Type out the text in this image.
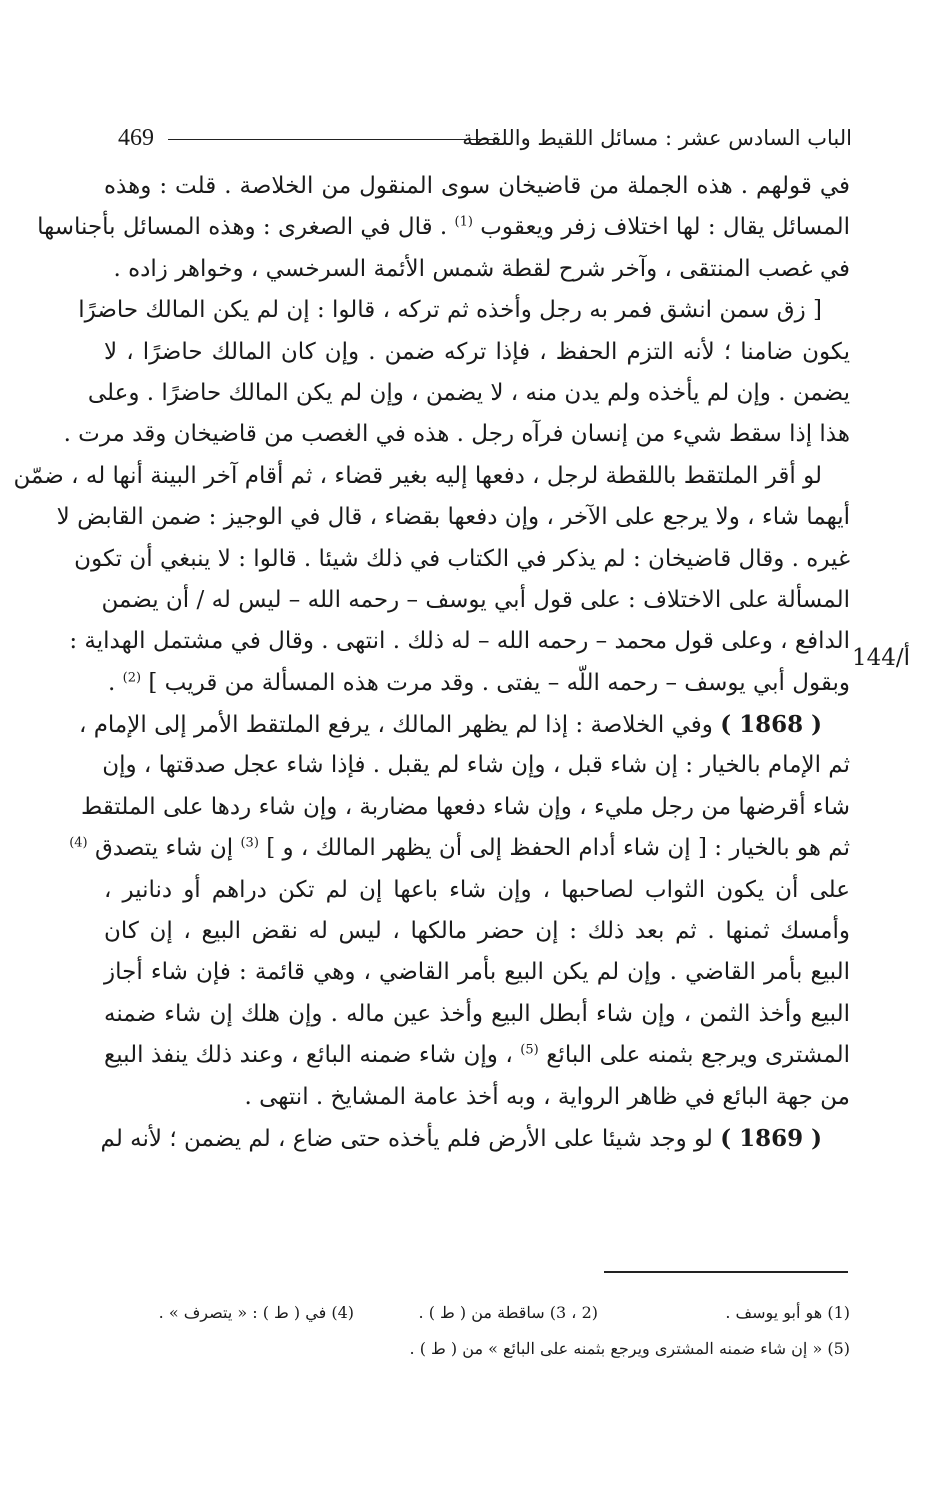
469	الباب السادس عشر : مسائل اللقيط واللقطة
في قولهم . هذه الجملة من قاضيخان سوى المنقول من الخلاصة . قلت : وهذه
المسائل يقال : لها اختلاف زفر ويعقوب $^{(1)}$ . قال في الصغرى : وهذه المسائل بأجناسها
في غصب المنتقى ، وآخر شرح لقطة شمس الأئمة السرخسي ، وخواهر زاده .
[ زق سمن انشق فمر به رجل وأخذه ثم تركه ، قالوا : إن لم يكن المالك حاضرًا
يكون ضامنا ؛ لأنه التزم الحفظ ، فإذا تركه ضمن . وإن كان المالك حاضرًا ، لا
يضمن . وإن لم يأخذه ولم يدن منه ، لا يضمن ، وإن لم يكن المالك حاضرًا . وعلى
هذا إذا سقط شيء من إنسان فرآه رجل . هذه في الغصب من قاضيخان وقد مرت .
لو أقر الملتقط باللقطة لرجل ، دفعها إليه بغير قضاء ، ثم أقام آخر البينة أنها له ، ضمّن
أيهما شاء ، ولا يرجع على الآخر ، وإن دفعها بقضاء ، قال في الوجيز : ضمن القابض لا
غيره . وقال قاضيخان : لم يذكر في الكتاب في ذلك شيئا . قالوا : لا ينبغي أن تكون
المسألة على الاختلاف : على قول أبي يوسف – رحمه الله – ليس له / أن يضمن
الدافع ، وعلى قول محمد – رحمه الله – له ذلك . انتهى . وقال في مشتمل الهداية :
وبقول أبي يوسف – رحمه اللّه – يفتى . وقد مرت هذه المسألة من قريب ] $^{(2)}$ .
( 1868 ) وفي الخلاصة : إذا لم يظهر المالك ، يرفع الملتقط الأمر إلى الإمام ،
ثم الإمام بالخيار : إن شاء قبل ، وإن شاء لم يقبل . فإذا شاء عجل صدقتها ، وإن
شاء أقرضها من رجل مليء ، وإن شاء دفعها مضاربة ، وإن شاء ردها على الملتقط
ثم هو بالخيار : [ إن شاء أدام الحفظ إلى أن يظهر المالك ، و ] $^{(3)}$ إن شاء يتصدق $^{(4)}$
على أن يكون الثواب لصاحبها ، وإن شاء باعها إن لم تكن دراهم أو دنانير ،
وأمسك ثمنها . ثم بعد ذلك : إن حضر مالكها ، ليس له نقض البيع ، إن كان
البيع بأمر القاضي . وإن لم يكن البيع بأمر القاضي ، وهي قائمة : فإن شاء أجاز
البيع وأخذ الثمن ، وإن شاء أبطل البيع وأخذ عين ماله . وإن هلك إن شاء ضمنه
المشترى ويرجع بثمنه على البائع $^{(5)}$ ، وإن شاء ضمنه البائع ، وعند ذلك ينفذ البيع
من جهة البائع في ظاهر الرواية ، وبه أخذ عامة المشايخ . انتهى .
( 1869 ) لو وجد شيئا على الأرض فلم يأخذه حتى ضاع ، لم يضمن ؛ لأنه لم
144/أ
(1) هو أبو يوسف .
(2 ، 3) ساقطة من ( ط ) .
(4) في ( ط ) : « يتصرف » .
(5) « إن شاء ضمنه المشترى ويرجع بثمنه على البائع » من ( ط ) .
